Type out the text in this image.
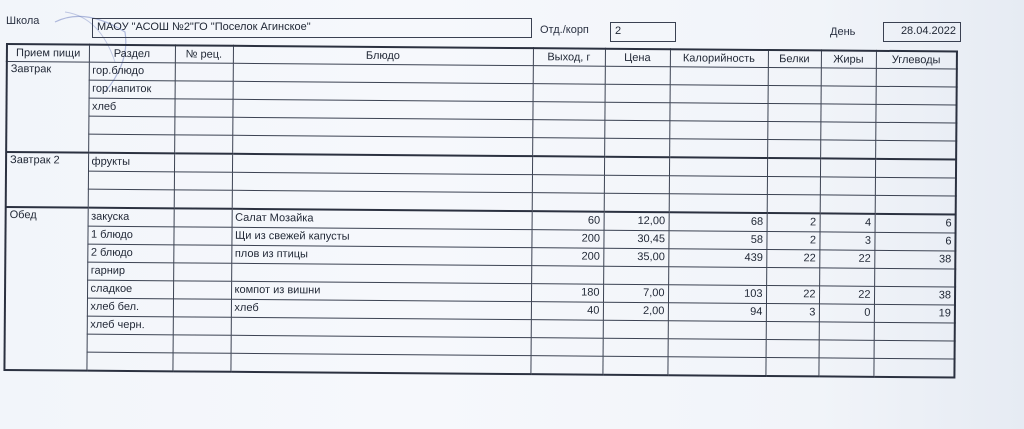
Школа	МАОУ "АСОШ №2"ГО "Поселок Агинское"	Отд./корп	2	День	28.04.2022
Прием пищи	Раздел	№ рец.	Блюдо	Выход, г	Цена	Калорийность	Белки	Жиры	Углеводы
Завтрак	гор.блюдо								
	гор.напиток								
	хлеб								

Завтрак 2	фрукты								

Обед	закуска		Салат Мозайка	60	12,00	68	2	4	6
	1 блюдо		Щи из свежей капусты	200	30,45	58	2	3	6
	2 блюдо		плов из птицы	200	35,00	439	22	22	38
	гарнир								
	сладкое		компот из вишни	180	7,00	103	22	22	38
	хлеб бел.		хлеб	40	2,00	94	3	0	19
	хлеб черн.								
